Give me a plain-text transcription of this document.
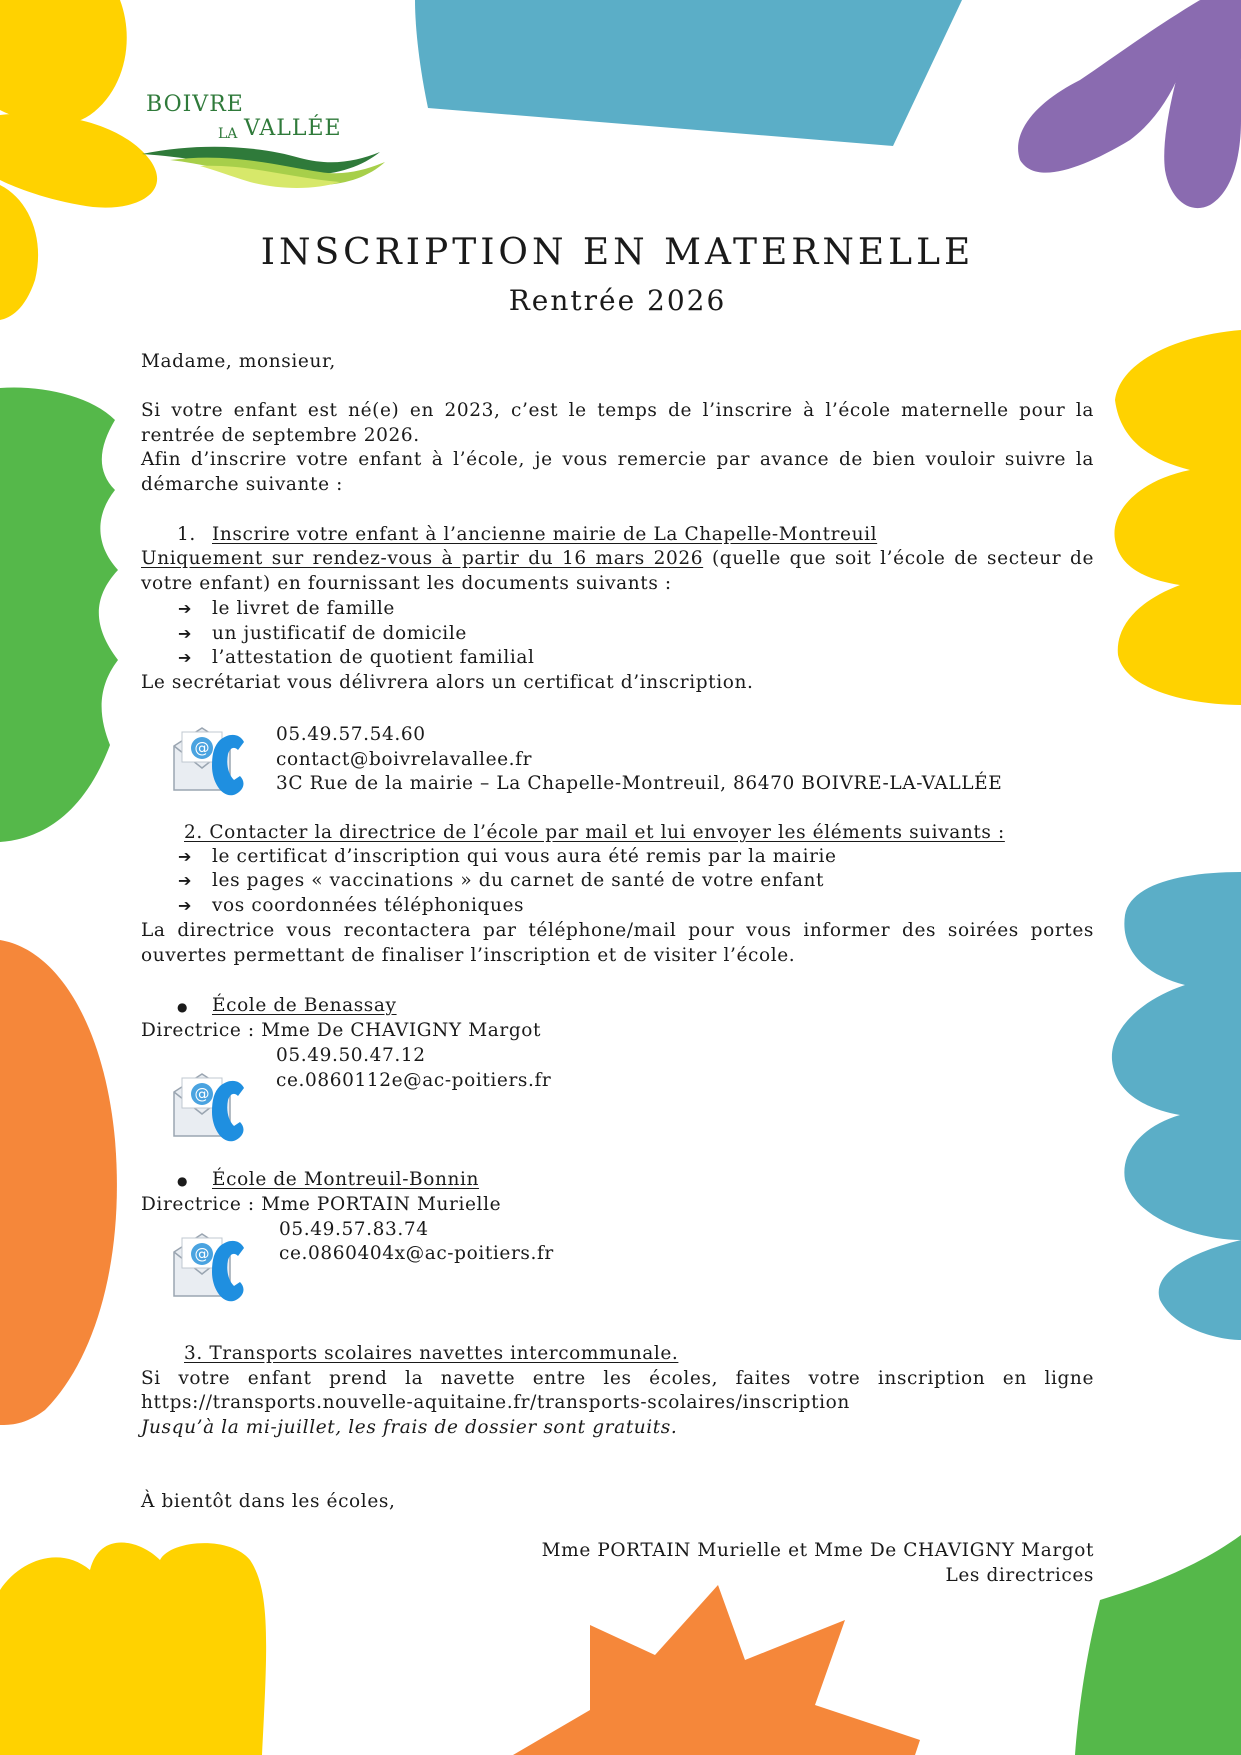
BOIVRE
LA VALLÉE
INSCRIPTION EN MATERNELLE
Rentrée 2026
Madame, monsieur,
Si votre enfant est né(e) en 2023, c’est le temps de l’inscrire à l’école maternelle pour la rentrée de septembre 2026.
Afin d’inscrire votre enfant à l’école, je vous remercie par avance de bien vouloir suivre la démarche suivante :
1. Inscrire votre enfant à l’ancienne mairie de La Chapelle-Montreuil
Uniquement sur rendez-vous à partir du 16 mars 2026 (quelle que soit l’école de secteur de votre enfant) en fournissant les documents suivants :
➔ le livret de famille
➔ un justificatif de domicile
➔ l’attestation de quotient familial
Le secrétariat vous délivrera alors un certificat d’inscription.
@
05.49.57.54.60
contact@boivrelavallee.fr
3C Rue de la mairie – La Chapelle-Montreuil, 86470 BOIVRE-LA-VALLÉE
2. Contacter la directrice de l’école par mail et lui envoyer les éléments suivants :
➔ le certificat d’inscription qui vous aura été remis par la mairie
➔ les pages « vaccinations » du carnet de santé de votre enfant
➔ vos coordonnées téléphoniques
La directrice vous recontactera par téléphone/mail pour vous informer des soirées portes ouvertes permettant de finaliser l’inscription et de visiter l’école.
● École de Benassay
Directrice : Mme De CHAVIGNY Margot
05.49.50.47.12
ce.0860112e@ac-poitiers.fr
@
● École de Montreuil-Bonnin
Directrice : Mme PORTAIN Murielle
05.49.57.83.74
ce.0860404x@ac-poitiers.fr
@
3. Transports scolaires navettes intercommunale.
Si votre enfant prend la navette entre les écoles, faites votre inscription en ligne
https://transports.nouvelle-aquitaine.fr/transports-scolaires/inscription
Jusqu’à la mi-juillet, les frais de dossier sont gratuits.
À bientôt dans les écoles,
Mme PORTAIN Murielle et Mme De CHAVIGNY Margot
Les directrices
